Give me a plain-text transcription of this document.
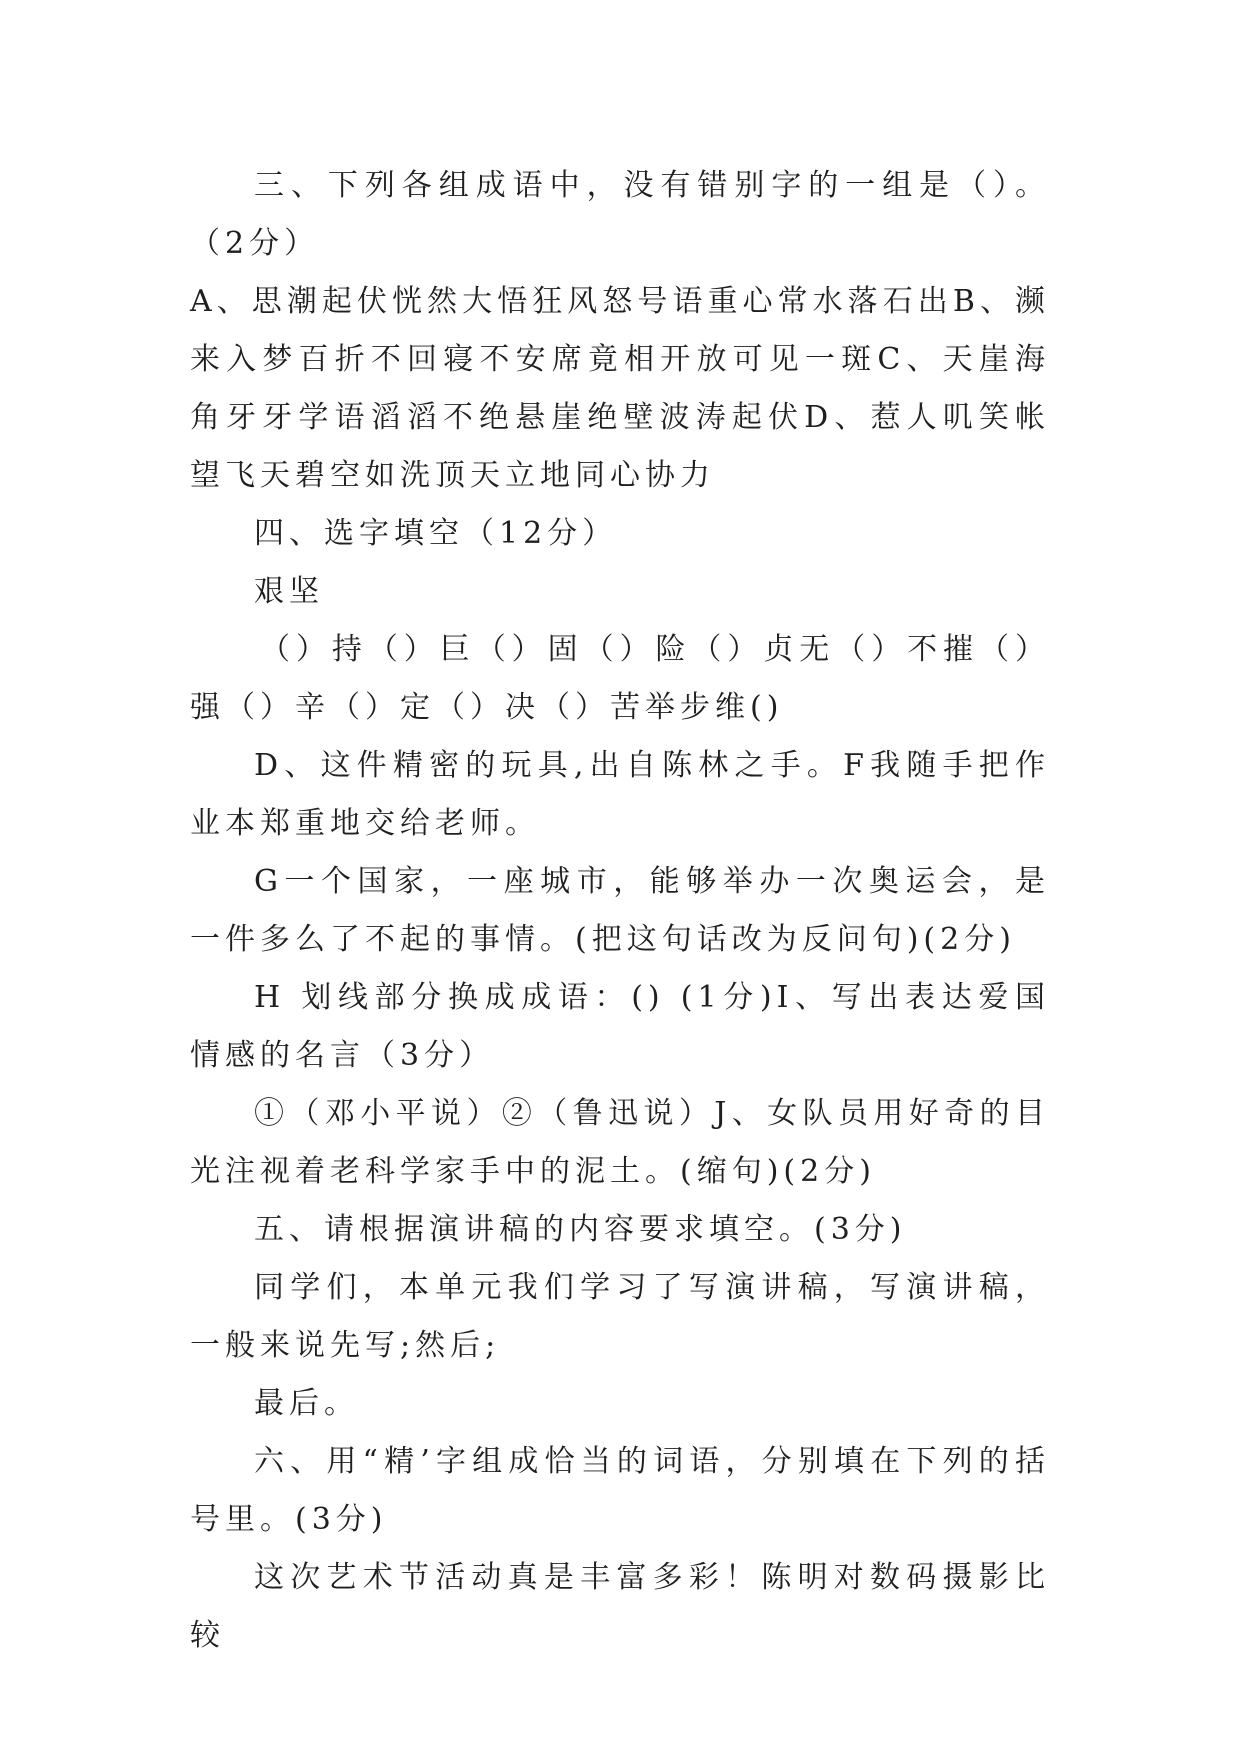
三、下列各组成语中，没有错别字的一组是（）。（2分）

A、思潮起伏恍然大悟狂风怒号语重心常水落石出B、濒来入梦百折不回寝不安席竟相开放可见一斑C、天崖海角牙牙学语滔滔不绝悬崖绝壁波涛起伏D、惹人叽笑帐望飞天碧空如洗顶天立地同心协力

四、选字填空（12分）

艰坚

（）持（）巨（）固（）险（）贞无（）不摧（）强（）辛（）定（）决（）苦举步维()

D、这件精密的玩具,出自陈林之手。F我随手把作业本郑重地交给老师。

G一个国家，一座城市，能够举办一次奥运会，是一件多么了不起的事情。(把这句话改为反问句)(2分)

H 划线部分换成成语：() (1分)I、写出表达爱国情感的名言（3分）

①（邓小平说）②（鲁迅说）J、女队员用好奇的目光注视着老科学家手中的泥土。(缩句)(2分)

五、请根据演讲稿的内容要求填空。(3分)

同学们，本单元我们学习了写演讲稿，写演讲稿，一般来说先写;然后;

最后。

六、用“精’字组成恰当的词语，分别填在下列的括号里。(3分)

这次艺术节活动真是丰富多彩！陈明对数码摄影比较
